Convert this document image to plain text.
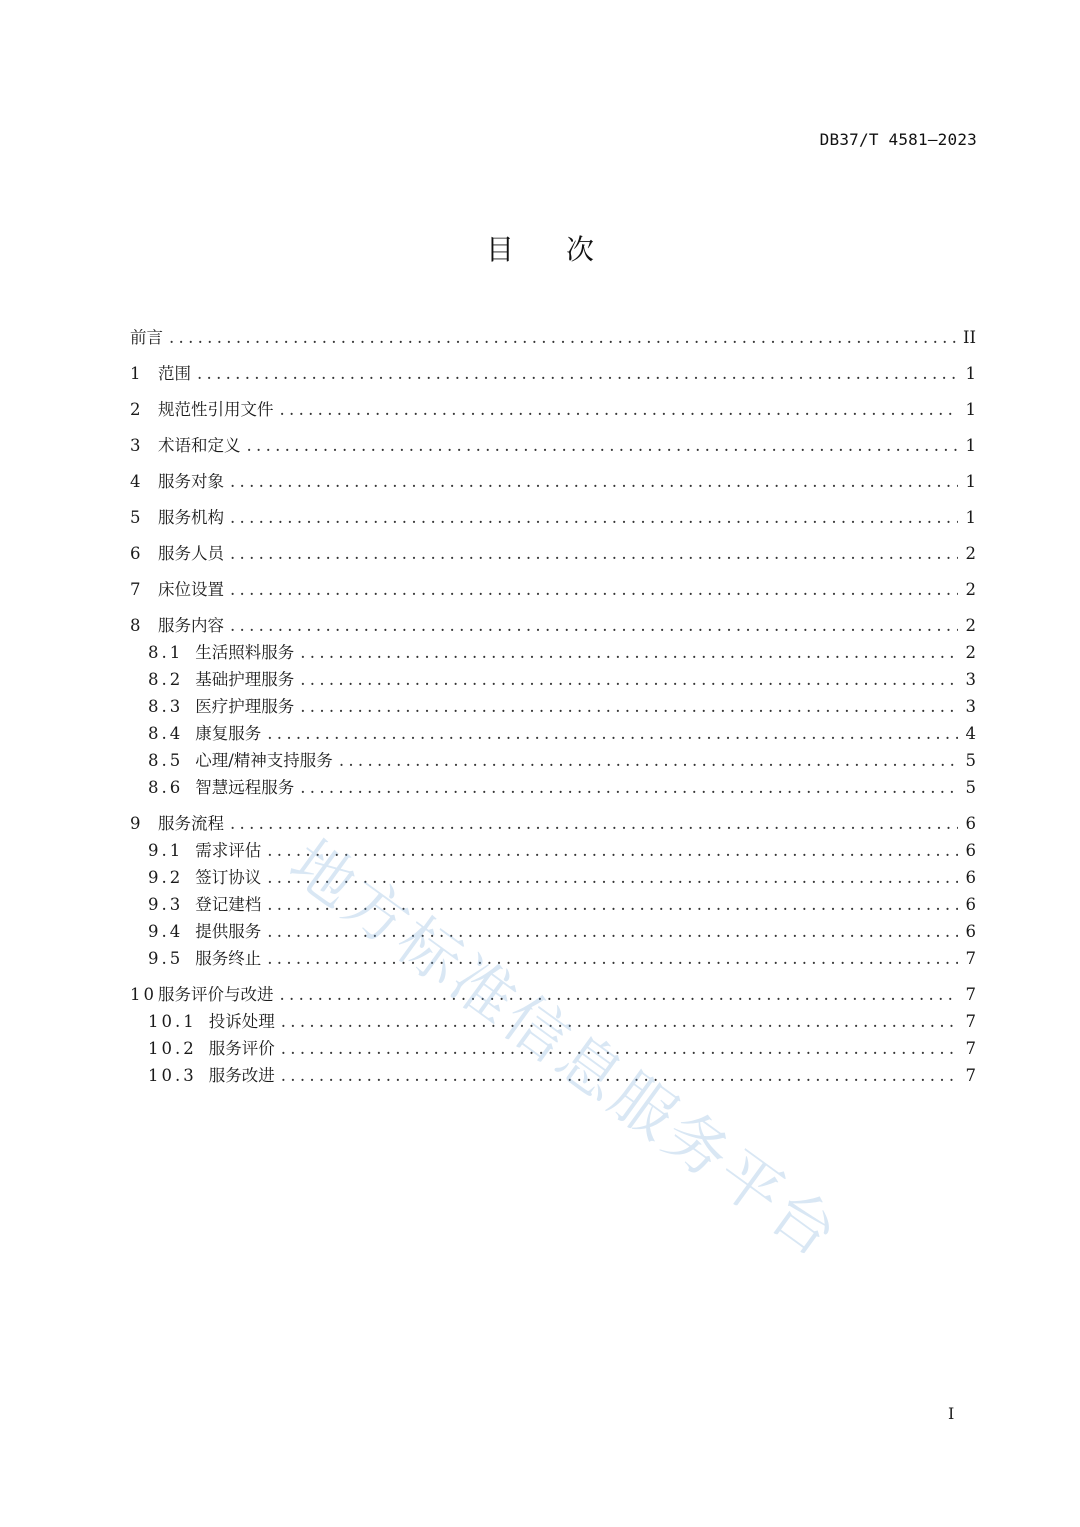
DB37/T 4581—2023
目次
前言 .....	II
1 范围 .....	1
2 规范性引用文件 .....	1
3 术语和定义 .....	1
4 服务对象 .....	1
5 服务机构 .....	1
6 服务人员 .....	2
7 床位设置 .....	2
8 服务内容 .....	2
8.1 生活照料服务 .....	2
8.2 基础护理服务 .....	3
8.3 医疗护理服务 .....	3
8.4 康复服务 .....	4
8.5 心理/精神支持服务 .....	5
8.6 智慧远程服务 .....	5
9 服务流程 .....	6
9.1 需求评估 .....	6
9.2 签订协议 .....	6
9.3 登记建档 .....	6
9.4 提供服务 .....	6
9.5 服务终止 .....	7
10 服务评价与改进 .....	7
10.1 投诉处理 .....	7
10.2 服务评价 .....	7
10.3 服务改进 .....	7
I
地方标准信息服务平台
